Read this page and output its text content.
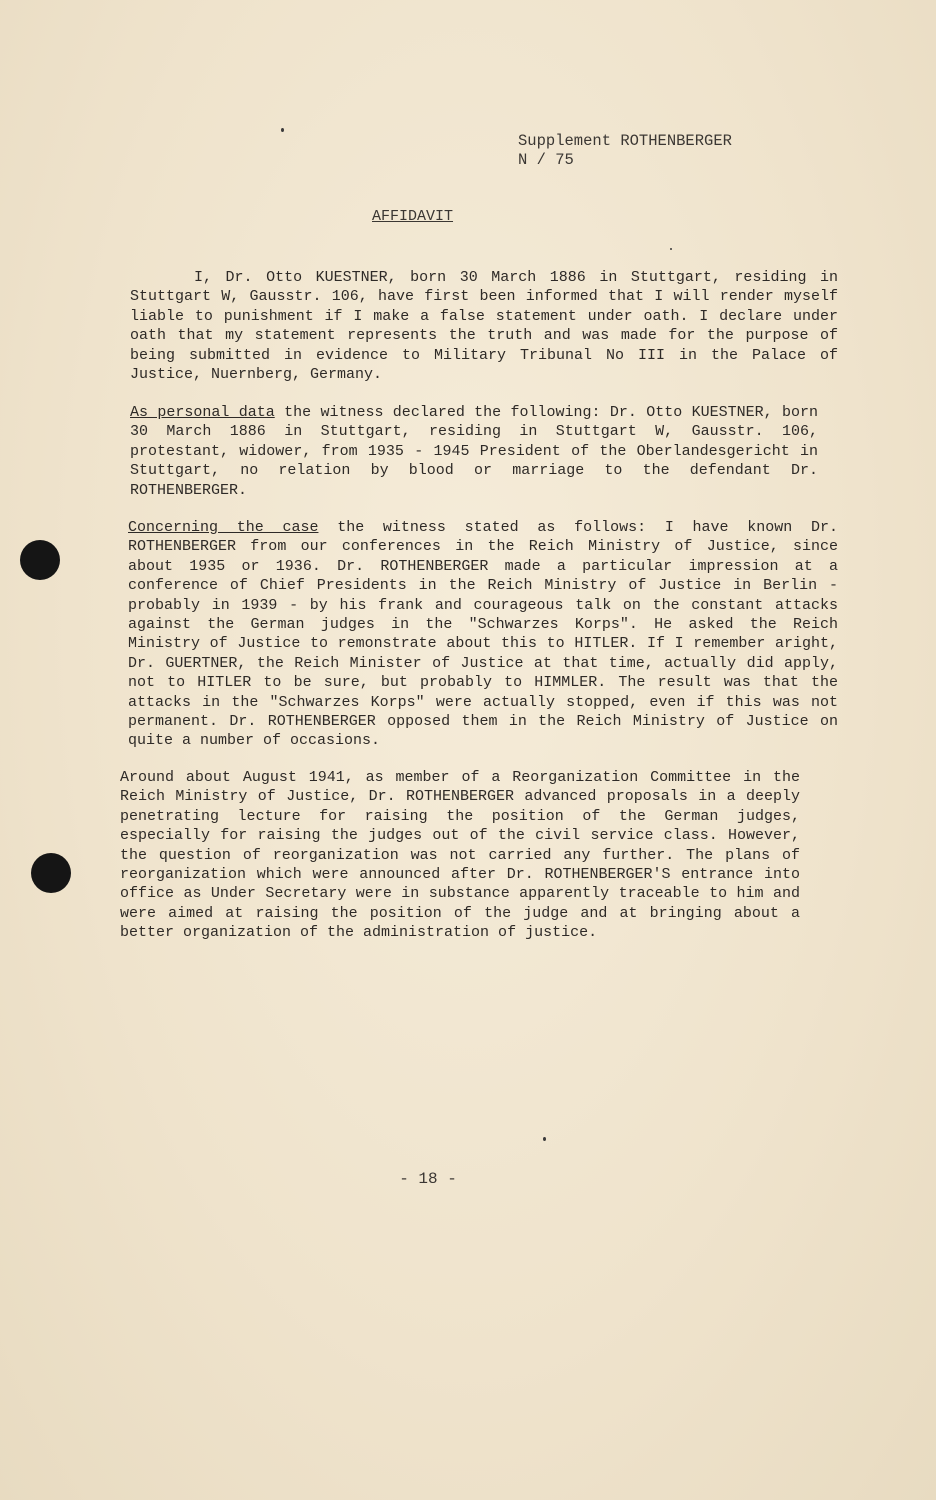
Supplement ROTHENBERGER
N / 75
AFFIDAVIT

I, Dr. Otto KUESTNER, born 30 March 1886 in Stuttgart, residing in Stuttgart W, Gausstr. 106, have first been informed that I will render myself liable to punishment if I make a false statement under oath. I declare under oath that my statement represents the truth and was made for the purpose of being submitted in evidence to Military Tribunal No III in the Palace of Justice, Nuernberg, Germany.

As personal data the witness declared the following: Dr. Otto KUESTNER, born 30 March 1886 in Stuttgart, residing in Stuttgart W, Gausstr. 106, protestant, widower, from 1935 - 1945 President of the Oberlandesgericht in Stuttgart, no relation by blood or marriage to the defendant Dr. ROTHENBERGER.

Concerning the case the witness stated as follows: I have known Dr. ROTHENBERGER from our conferences in the Reich Ministry of Justice, since about 1935 or 1936. Dr. ROTHENBERGER made a particular impression at a conference of Chief Presidents in the Reich Ministry of Justice in Berlin - probably in 1939 - by his frank and courageous talk on the constant attacks against the German judges in the "Schwarzes Korps". He asked the Reich Ministry of Justice to remonstrate about this to HITLER. If I remember aright, Dr. GUERTNER, the Reich Minister of Justice at that time, actually did apply, not to HITLER to be sure, but probably to HIMMLER. The result was that the attacks in the "Schwarzes Korps" were actually stopped, even if this was not permanent. Dr. ROTHENBERGER opposed them in the Reich Ministry of Justice on quite a number of occasions.

Around about August 1941, as member of a Reorganization Committee in the Reich Ministry of Justice, Dr. ROTHENBERGER advanced proposals in a deeply penetrating lecture for raising the position of the German judges, especially for raising the judges out of the civil service class. However, the question of reorganization was not carried any further. The plans of reorganization which were announced after Dr. ROTHENBERGER'S entrance into office as Under Secretary were in substance apparently traceable to him and were aimed at raising the position of the judge and at bringing about a better organization of the administration of justice.

- 18 -
